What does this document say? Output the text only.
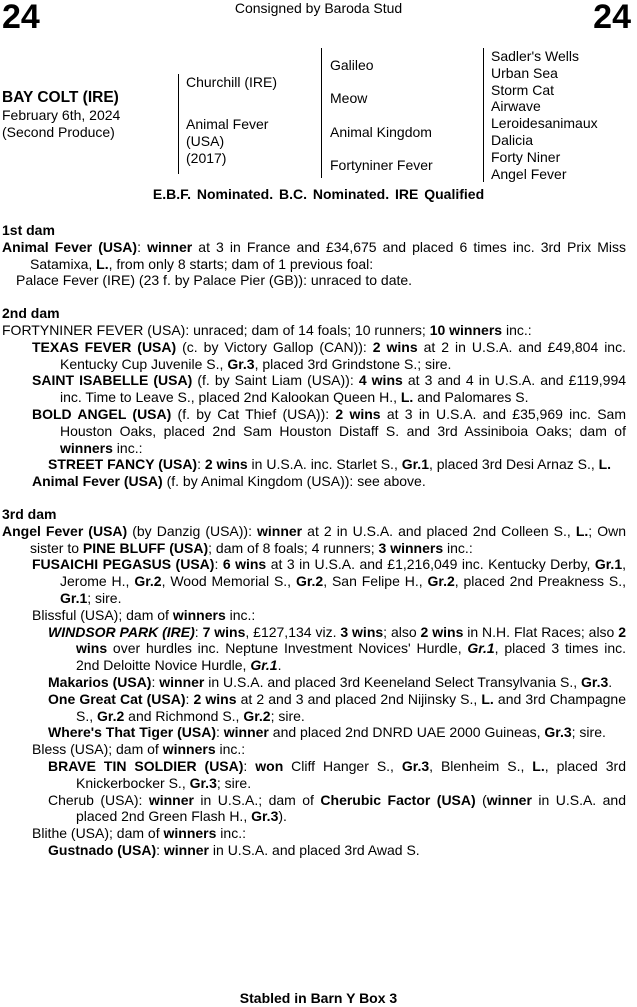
24	Consigned by Baroda Stud	24
BAY COLT (IRE)
February 6th, 2024
(Second Produce)
Churchill (IRE)
Animal Fever
(USA)
(2017)
Galileo
Meow
Animal Kingdom
Fortyniner Fever
Sadler's Wells
Urban Sea
Storm Cat
Airwave
Leroidesanimaux
Dalicia
Forty Niner
Angel Fever
E.B.F. Nominated. B.C. Nominated. IRE Qualified
1st dam
Animal Fever (USA): winner at 3 in France and £34,675 and placed 6 times inc. 3rd Prix Miss Satamixa, L., from only 8 starts; dam of 1 previous foal:
Palace Fever (IRE) (23 f. by Palace Pier (GB)): unraced to date.
2nd dam
FORTYNINER FEVER (USA): unraced; dam of 14 foals; 10 runners; 10 winners inc.:
TEXAS FEVER (USA) (c. by Victory Gallop (CAN)): 2 wins at 2 in U.S.A. and £49,804 inc. Kentucky Cup Juvenile S., Gr.3, placed 3rd Grindstone S.; sire.
SAINT ISABELLE (USA) (f. by Saint Liam (USA)): 4 wins at 3 and 4 in U.S.A. and £119,994 inc. Time to Leave S., placed 2nd Kalookan Queen H., L. and Palomares S.
BOLD ANGEL (USA) (f. by Cat Thief (USA)): 2 wins at 3 in U.S.A. and £35,969 inc. Sam Houston Oaks, placed 2nd Sam Houston Distaff S. and 3rd Assiniboia Oaks; dam of winners inc.:
STREET FANCY (USA): 2 wins in U.S.A. inc. Starlet S., Gr.1, placed 3rd Desi Arnaz S., L.
Animal Fever (USA) (f. by Animal Kingdom (USA)): see above.
3rd dam
Angel Fever (USA) (by Danzig (USA)): winner at 2 in U.S.A. and placed 2nd Colleen S., L.; Own sister to PINE BLUFF (USA); dam of 8 foals; 4 runners; 3 winners inc.:
FUSAICHI PEGASUS (USA): 6 wins at 3 in U.S.A. and £1,216,049 inc. Kentucky Derby, Gr.1, Jerome H., Gr.2, Wood Memorial S., Gr.2, San Felipe H., Gr.2, placed 2nd Preakness S., Gr.1; sire.
Blissful (USA); dam of winners inc.:
WINDSOR PARK (IRE): 7 wins, £127,134 viz. 3 wins; also 2 wins in N.H. Flat Races; also 2 wins over hurdles inc. Neptune Investment Novices' Hurdle, Gr.1, placed 3 times inc. 2nd Deloitte Novice Hurdle, Gr.1.
Makarios (USA): winner in U.S.A. and placed 3rd Keeneland Select Transylvania S., Gr.3.
One Great Cat (USA): 2 wins at 2 and 3 and placed 2nd Nijinsky S., L. and 3rd Champagne S., Gr.2 and Richmond S., Gr.2; sire.
Where's That Tiger (USA): winner and placed 2nd DNRD UAE 2000 Guineas, Gr.3; sire.
Bless (USA); dam of winners inc.:
BRAVE TIN SOLDIER (USA): won Cliff Hanger S., Gr.3, Blenheim S., L., placed 3rd Knickerbocker S., Gr.3; sire.
Cherub (USA): winner in U.S.A.; dam of Cherubic Factor (USA) (winner in U.S.A. and placed 2nd Green Flash H., Gr.3).
Blithe (USA); dam of winners inc.:
Gustnado (USA): winner in U.S.A. and placed 3rd Awad S.
Stabled in Barn Y Box 3
